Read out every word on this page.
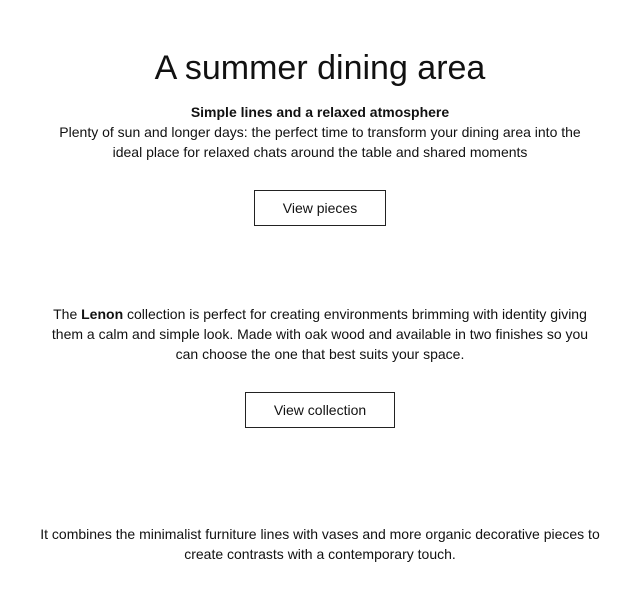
A summer dining area

Simple lines and a relaxed atmosphere

Plenty of sun and longer days: the perfect time to transform your dining area into the ideal place for relaxed chats around the table and shared moments

View pieces

The Lenon collection is perfect for creating environments brimming with identity giving them a calm and simple look. Made with oak wood and available in two finishes so you can choose the one that best suits your space.

View collection

It combines the minimalist furniture lines with vases and more organic decorative pieces to create contrasts with a contemporary touch.
